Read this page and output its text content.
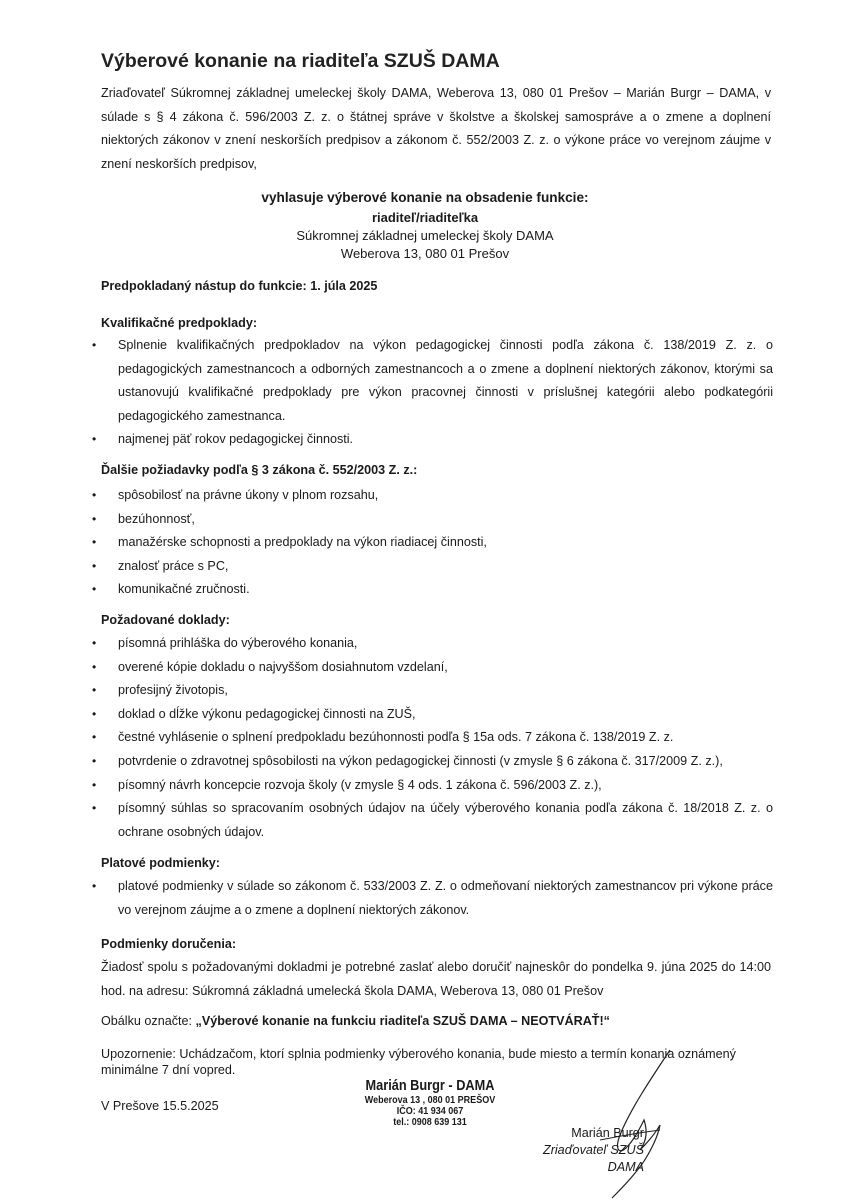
Výberové konanie na riaditeľa SZUŠ DAMA
Zriaďovateľ Súkromnej základnej umeleckej školy DAMA, Weberova 13, 080 01 Prešov – Marián Burgr – DAMA, v súlade s § 4 zákona č. 596/2003 Z. z. o štátnej správe v školstve a školskej samospráve a o zmene a doplnení niektorých zákonov v znení neskorších predpisov a zákonom č. 552/2003 Z. z. o výkone práce vo verejnom záujme v znení neskorších predpisov,
vyhlasuje výberové konanie na obsadenie funkcie:
riaditeľ/riaditeľka
Súkromnej základnej umeleckej školy DAMA
Weberova 13, 080 01 Prešov
Predpokladaný nástup do funkcie: 1. júla 2025
Kvalifikačné predpoklady:
• Splnenie kvalifikačných predpokladov na výkon pedagogickej činnosti podľa zákona č. 138/2019 Z. z. o pedagogických zamestnancoch a odborných zamestnancoch a o zmene a doplnení niektorých zákonov, ktorými sa ustanovujú kvalifikačné predpoklady pre výkon pracovnej činnosti v príslušnej kategórii alebo podkategórii pedagogického zamestnanca.
• najmenej päť rokov pedagogickej činnosti.
Ďalšie požiadavky podľa § 3 zákona č. 552/2003 Z. z.:
• spôsobilosť na právne úkony v plnom rozsahu,
• bezúhonnosť,
• manažérske schopnosti a predpoklady na výkon riadiacej činnosti,
• znalosť práce s PC,
• komunikačné zručnosti.
Požadované doklady:
• písomná prihláška do výberového konania,
• overené kópie dokladu o najvyššom dosiahnutom vzdelaní,
• profesijný životopis,
• doklad o dĺžke výkonu pedagogickej činnosti na ZUŠ,
• čestné vyhlásenie o splnení predpokladu bezúhonnosti podľa § 15a ods. 7 zákona č. 138/2019 Z. z.
• potvrdenie o zdravotnej spôsobilosti na výkon pedagogickej činnosti (v zmysle § 6 zákona č. 317/2009 Z. z.),
• písomný návrh koncepcie rozvoja školy (v zmysle § 4 ods. 1 zákona č. 596/2003 Z. z.),
• písomný súhlas so spracovaním osobných údajov na účely výberového konania podľa zákona č. 18/2018 Z. z. o ochrane osobných údajov.
Platové podmienky:
• platové podmienky v súlade so zákonom č. 533/2003 Z. Z. o odmeňovaní niektorých zamestnancov pri výkone práce vo verejnom záujme a o zmene a doplnení niektorých zákonov.
Podmienky doručenia:
Žiadosť spolu s požadovanými dokladmi je potrebné zaslať alebo doručiť najneskôr do pondelka 9. júna 2025 do 14:00 hod. na adresu: Súkromná základná umelecká škola DAMA, Weberova 13, 080 01 Prešov
Obálku označte: „Výberové konanie na funkciu riaditeľa SZUŠ DAMA – NEOTVÁRAŤ!“
Upozornenie: Uchádzačom, ktorí splnia podmienky výberového konania, bude miesto a termín konania oznámený minimálne 7 dní vopred.
V Prešove 15.5.2025
Marián Burgr - DAMA
Weberova 13 , 080 01 PREŠOV
IČO: 41 934 067
tel.: 0908 639 131
Marián Burgr
Zriaďovateľ SZUŠ DAMA
